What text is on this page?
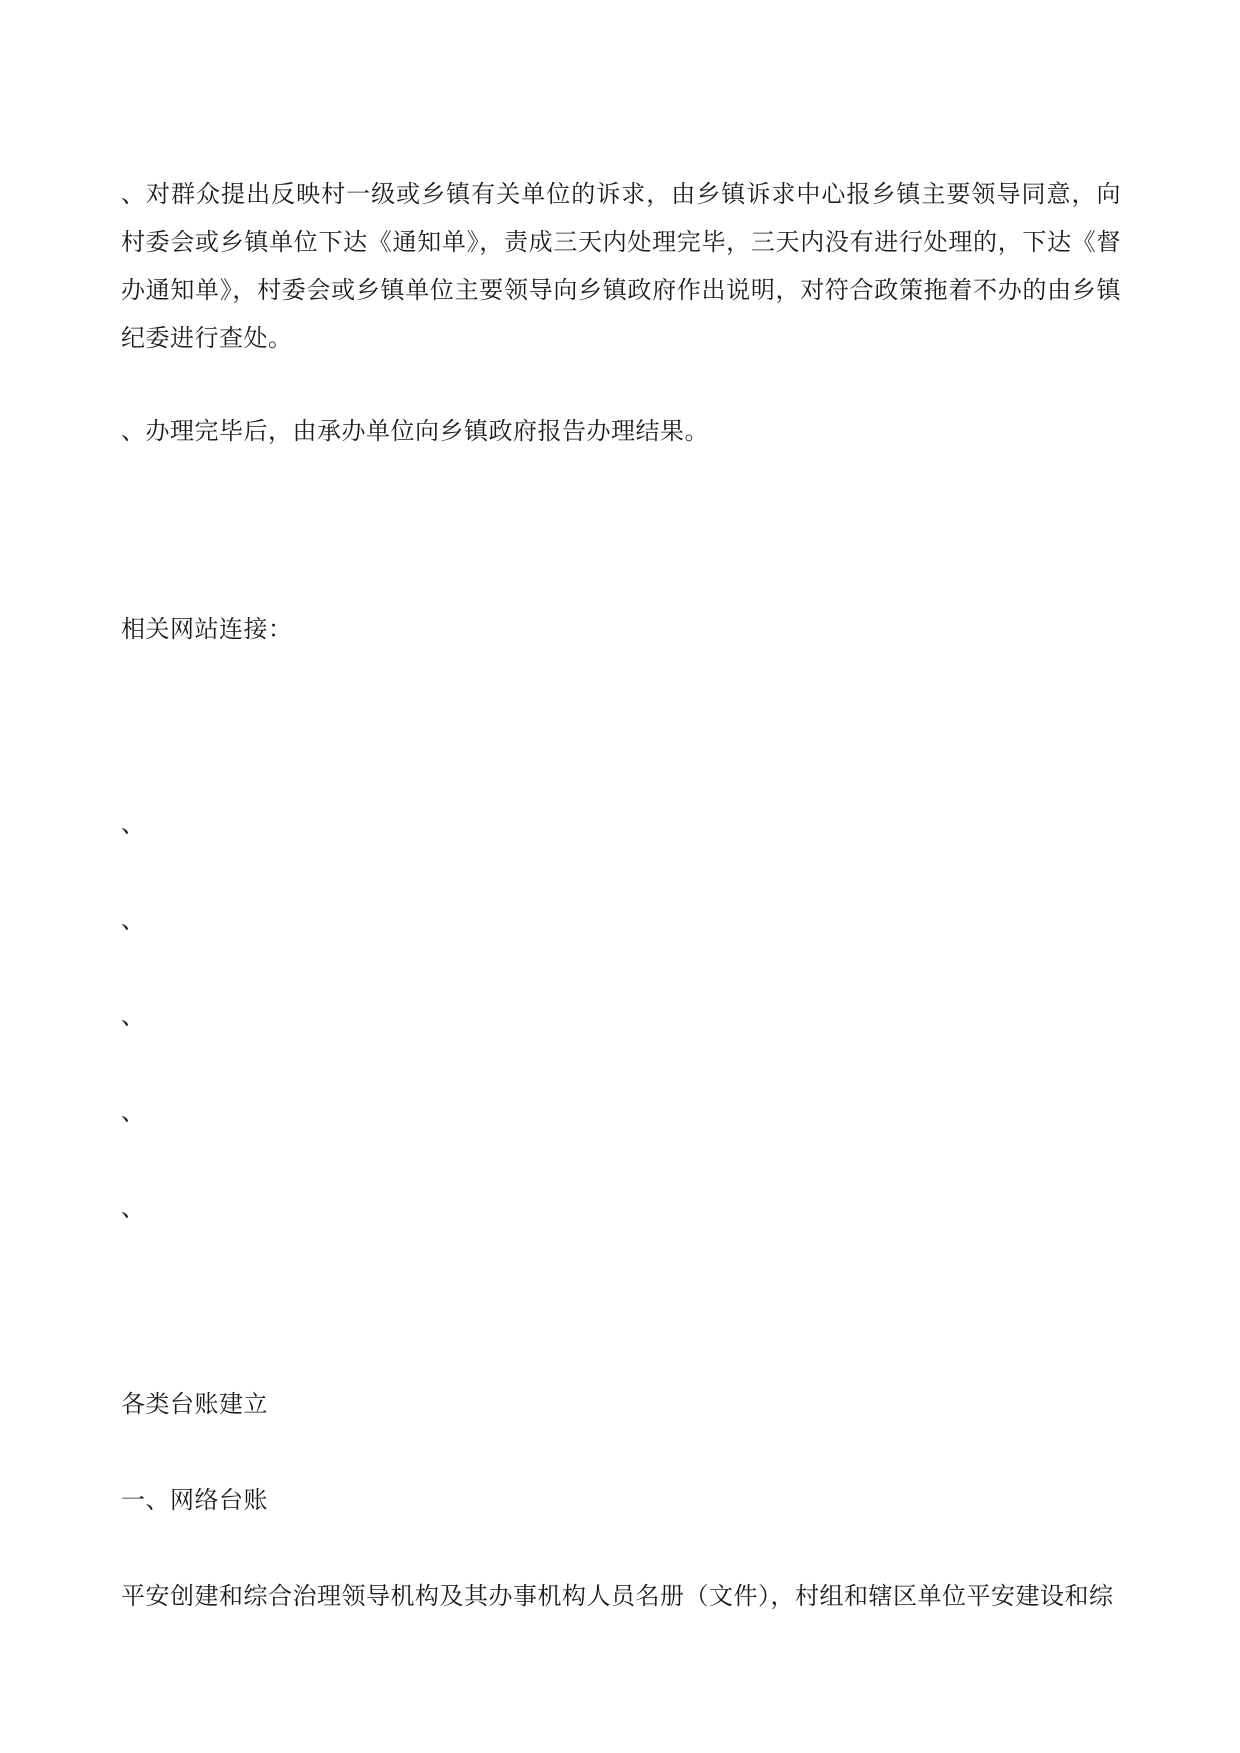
、对群众提出反映村一级或乡镇有关单位的诉求，由乡镇诉求中心报乡镇主要领导同意，向村委会或乡镇单位下达《通知单》，责成三天内处理完毕，三天内没有进行处理的，下达《督办通知单》，村委会或乡镇单位主要领导向乡镇政府作出说明，对符合政策拖着不办的由乡镇纪委进行查处。
、办理完毕后，由承办单位向乡镇政府报告办理结果。
相关网站连接：
、
、
、
、
、
各类台账建立
一、网络台账
平安创建和综合治理领导机构及其办事机构人员名册（文件），村组和辖区单位平安建设和综
